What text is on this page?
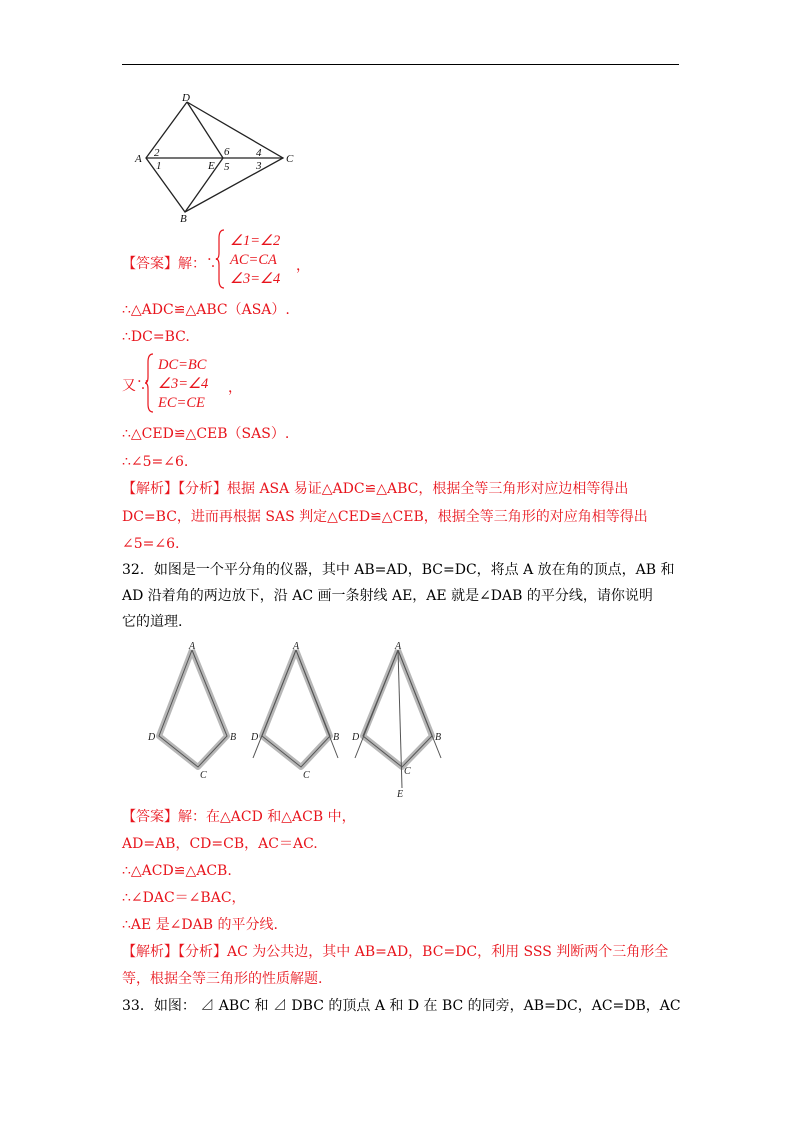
D
A 2
1
6
E 5
4
3
C
B
【答案】解：∵
∠1=∠2
AC=CA
∠3=∠4
，
∴△ADC≌△ABC（ASA）.
∴DC=BC.
又∵
DC=BC
∠3=∠4
EC=CE
，
∴△CED≌△CEB（SAS）.
∴∠5=∠6.
【解析】【分析】根据 ASA 易证△ADC≌△ABC，根据全等三角形对应边相等得出
DC=BC，进而再根据 SAS 判定△CED≌△CEB，根据全等三角形的对应角相等得出
∠5=∠6.
32．如图是一个平分角的仪器，其中 AB=AD，BC=DC，将点 A 放在角的顶点，AB 和
AD 沿着角的两边放下，沿 AC 画一条射线 AE，AE 就是∠DAB 的平分线，请你说明
它的道理.
A
D	B
C
A
D	B
C
A
D	B
C
E
【答案】解：在△ACD 和△ACB 中，
AD=AB，CD=CB，AC＝AC.
∴△ACD≌△ACB.
∴∠DAC＝∠BAC，
∴AE 是∠DAB 的平分线.
【解析】【分析】AC 为公共边，其中 AB=AD，BC=DC，利用 SSS 判断两个三角形全
等，根据全等三角形的性质解题.
33．如图： ⊿ ABC 和 ⊿ DBC 的顶点 A 和 D 在 BC 的同旁，AB=DC，AC=DB，AC
